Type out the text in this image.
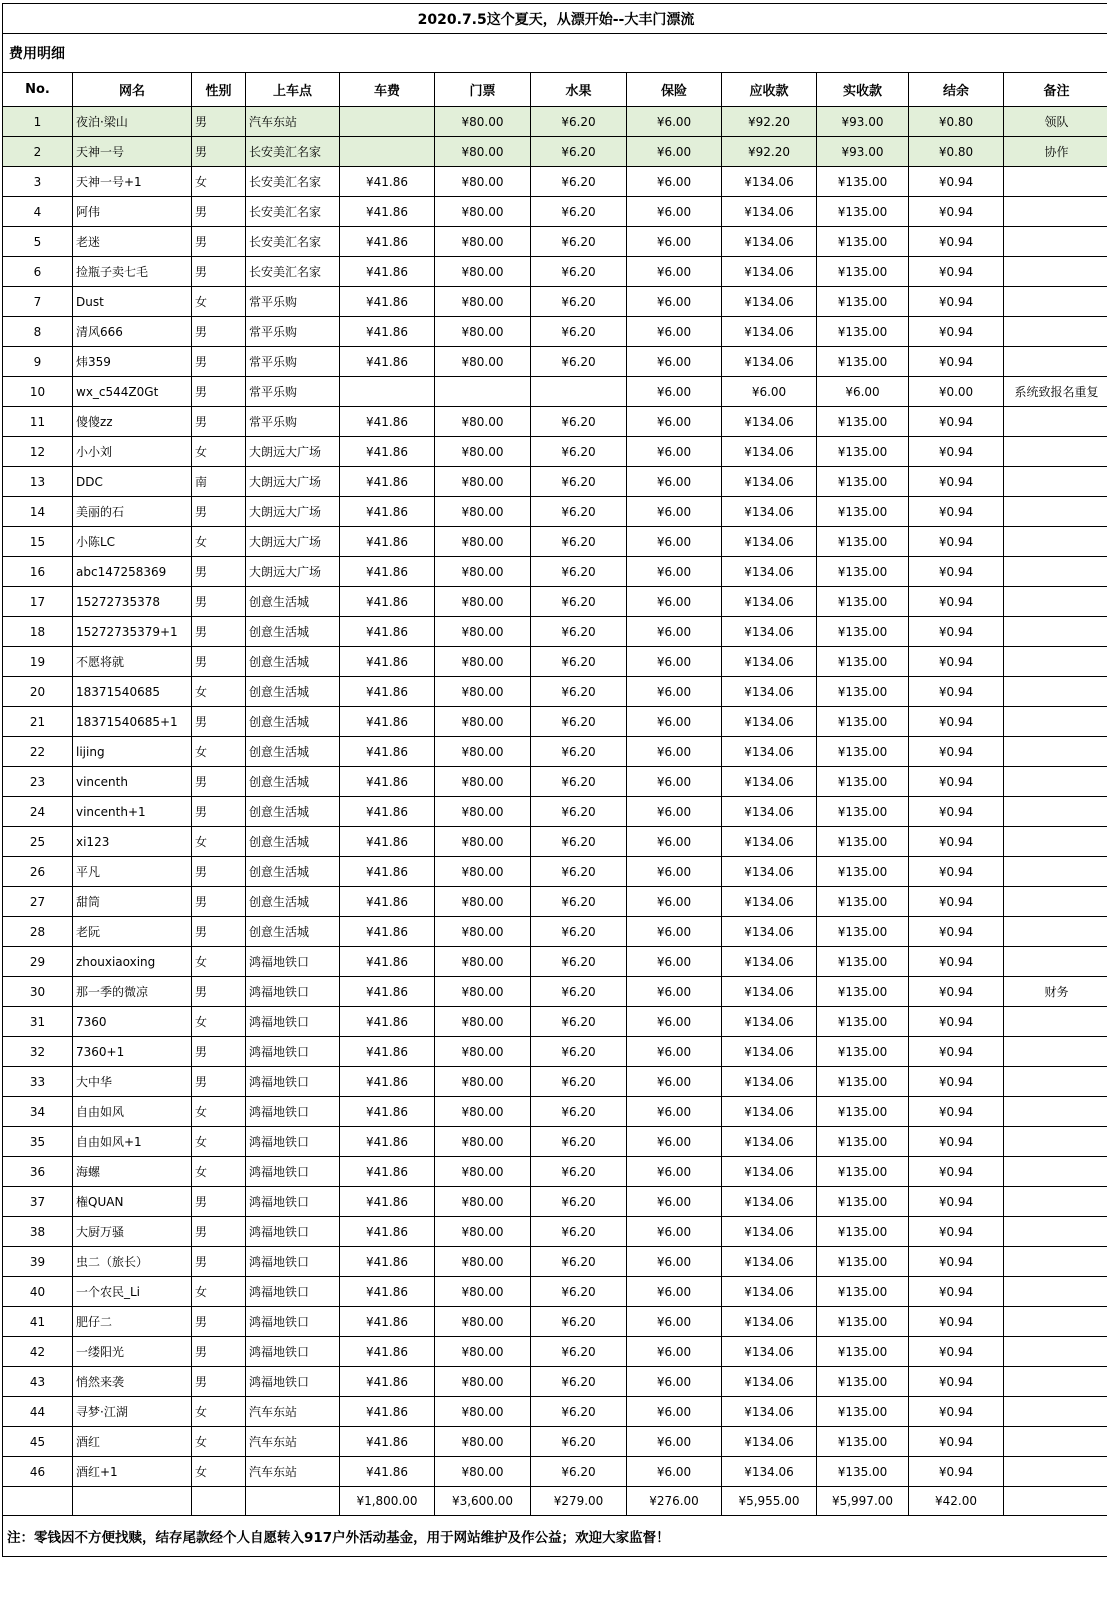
2020.7.5这个夏天，从漂开始--大丰门漂流											
费用明细											
No.	网名	性别	上车点	车费	门票	水果	保险	应收款	实收款	结余	备注
1	夜泊·梁山	男	汽车东站		¥80.00	¥6.20	¥6.00	¥92.20	¥93.00	¥0.80	领队
2	天神一号	男	长安美汇名家		¥80.00	¥6.20	¥6.00	¥92.20	¥93.00	¥0.80	协作
3	天神一号+1	女	长安美汇名家	¥41.86	¥80.00	¥6.20	¥6.00	¥134.06	¥135.00	¥0.94	
4	阿伟	男	长安美汇名家	¥41.86	¥80.00	¥6.20	¥6.00	¥134.06	¥135.00	¥0.94	
5	老迷	男	长安美汇名家	¥41.86	¥80.00	¥6.20	¥6.00	¥134.06	¥135.00	¥0.94	
6	捡瓶子卖七毛	男	长安美汇名家	¥41.86	¥80.00	¥6.20	¥6.00	¥134.06	¥135.00	¥0.94	
7	Dust	女	常平乐购	¥41.86	¥80.00	¥6.20	¥6.00	¥134.06	¥135.00	¥0.94	
8	清风666	男	常平乐购	¥41.86	¥80.00	¥6.20	¥6.00	¥134.06	¥135.00	¥0.94	
9	炜359	男	常平乐购	¥41.86	¥80.00	¥6.20	¥6.00	¥134.06	¥135.00	¥0.94	
10	wx_c544Z0Gt	男	常平乐购				¥6.00	¥6.00	¥6.00	¥0.00	系统致报名重复
11	傻傻zz	男	常平乐购	¥41.86	¥80.00	¥6.20	¥6.00	¥134.06	¥135.00	¥0.94	
12	小小刘	女	大朗远大广场	¥41.86	¥80.00	¥6.20	¥6.00	¥134.06	¥135.00	¥0.94	
13	DDC	南	大朗远大广场	¥41.86	¥80.00	¥6.20	¥6.00	¥134.06	¥135.00	¥0.94	
14	美丽的石	男	大朗远大广场	¥41.86	¥80.00	¥6.20	¥6.00	¥134.06	¥135.00	¥0.94	
15	小陈LC	女	大朗远大广场	¥41.86	¥80.00	¥6.20	¥6.00	¥134.06	¥135.00	¥0.94	
16	abc147258369	男	大朗远大广场	¥41.86	¥80.00	¥6.20	¥6.00	¥134.06	¥135.00	¥0.94	
17	15272735378	男	创意生活城	¥41.86	¥80.00	¥6.20	¥6.00	¥134.06	¥135.00	¥0.94	
18	15272735379+1	男	创意生活城	¥41.86	¥80.00	¥6.20	¥6.00	¥134.06	¥135.00	¥0.94	
19	不愿将就	男	创意生活城	¥41.86	¥80.00	¥6.20	¥6.00	¥134.06	¥135.00	¥0.94	
20	18371540685	女	创意生活城	¥41.86	¥80.00	¥6.20	¥6.00	¥134.06	¥135.00	¥0.94	
21	18371540685+1	男	创意生活城	¥41.86	¥80.00	¥6.20	¥6.00	¥134.06	¥135.00	¥0.94	
22	lijing	女	创意生活城	¥41.86	¥80.00	¥6.20	¥6.00	¥134.06	¥135.00	¥0.94	
23	vincenth	男	创意生活城	¥41.86	¥80.00	¥6.20	¥6.00	¥134.06	¥135.00	¥0.94	
24	vincenth+1	男	创意生活城	¥41.86	¥80.00	¥6.20	¥6.00	¥134.06	¥135.00	¥0.94	
25	xi123	女	创意生活城	¥41.86	¥80.00	¥6.20	¥6.00	¥134.06	¥135.00	¥0.94	
26	平凡	男	创意生活城	¥41.86	¥80.00	¥6.20	¥6.00	¥134.06	¥135.00	¥0.94	
27	甜筒	男	创意生活城	¥41.86	¥80.00	¥6.20	¥6.00	¥134.06	¥135.00	¥0.94	
28	老阮	男	创意生活城	¥41.86	¥80.00	¥6.20	¥6.00	¥134.06	¥135.00	¥0.94	
29	zhouxiaoxing	女	鸿福地铁口	¥41.86	¥80.00	¥6.20	¥6.00	¥134.06	¥135.00	¥0.94	
30	那一季的微凉	男	鸿福地铁口	¥41.86	¥80.00	¥6.20	¥6.00	¥134.06	¥135.00	¥0.94	财务
31	7360	女	鸿福地铁口	¥41.86	¥80.00	¥6.20	¥6.00	¥134.06	¥135.00	¥0.94	
32	7360+1	男	鸿福地铁口	¥41.86	¥80.00	¥6.20	¥6.00	¥134.06	¥135.00	¥0.94	
33	大中华	男	鸿福地铁口	¥41.86	¥80.00	¥6.20	¥6.00	¥134.06	¥135.00	¥0.94	
34	自由如风	女	鸿福地铁口	¥41.86	¥80.00	¥6.20	¥6.00	¥134.06	¥135.00	¥0.94	
35	自由如风+1	女	鸿福地铁口	¥41.86	¥80.00	¥6.20	¥6.00	¥134.06	¥135.00	¥0.94	
36	海螺	女	鸿福地铁口	¥41.86	¥80.00	¥6.20	¥6.00	¥134.06	¥135.00	¥0.94	
37	権QUAN	男	鸿福地铁口	¥41.86	¥80.00	¥6.20	¥6.00	¥134.06	¥135.00	¥0.94	
38	大厨万骚	男	鸿福地铁口	¥41.86	¥80.00	¥6.20	¥6.00	¥134.06	¥135.00	¥0.94	
39	虫二（旅长）	男	鸿福地铁口	¥41.86	¥80.00	¥6.20	¥6.00	¥134.06	¥135.00	¥0.94	
40	一个农民_Li	女	鸿福地铁口	¥41.86	¥80.00	¥6.20	¥6.00	¥134.06	¥135.00	¥0.94	
41	肥仔二	男	鸿福地铁口	¥41.86	¥80.00	¥6.20	¥6.00	¥134.06	¥135.00	¥0.94	
42	一缕阳光	男	鸿福地铁口	¥41.86	¥80.00	¥6.20	¥6.00	¥134.06	¥135.00	¥0.94	
43	悄然来袭	男	鸿福地铁口	¥41.86	¥80.00	¥6.20	¥6.00	¥134.06	¥135.00	¥0.94	
44	寻梦·江湖	女	汽车东站	¥41.86	¥80.00	¥6.20	¥6.00	¥134.06	¥135.00	¥0.94	
45	酒红	女	汽车东站	¥41.86	¥80.00	¥6.20	¥6.00	¥134.06	¥135.00	¥0.94	
46	酒红+1	女	汽车东站	¥41.86	¥80.00	¥6.20	¥6.00	¥134.06	¥135.00	¥0.94	
				¥1,800.00	¥3,600.00	¥279.00	¥276.00	¥5,955.00	¥5,997.00	¥42.00	
注：零钱因不方便找赎，结存尾款经个人自愿转入917户外活动基金，用于网站维护及作公益；欢迎大家监督！											
